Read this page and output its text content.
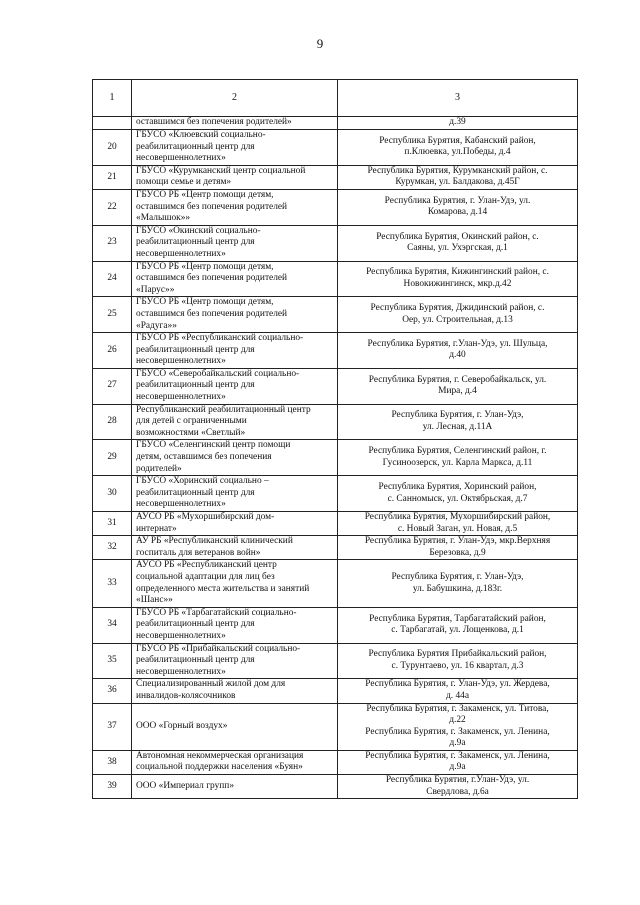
9
1	2	3

	оставшимся без попечения родителей»	д.39

20	ГБУСО «Клюевский социально-
реабилитационный центр для
несовершеннолетних»	Республика Бурятия, Кабанский район,
п.Клюевка, ул.Победы, д.4

21	ГБУСО «Курумканский центр социальной
помощи семье и детям»	Республика Бурятия, Курумканский район, с.
Курумкан, ул. Балдакова, д.45Г

22	ГБУСО РБ «Центр помощи детям,
оставшимся без попечения родителей
«Малышок»»	Республика Бурятия, г. Улан-Удэ, ул.
Комарова, д.14

23	ГБУСО «Окинский социально-
реабилитационный центр для
несовершеннолетних»	Республика Бурятия, Окинский район, с.
Саяны, ул. Ухэргская, д.1

24	ГБУСО РБ «Центр помощи детям,
оставшимся без попечения родителей
«Парус»»	Республика Бурятия, Кижингинский район, с.
Новокижингинск, мкр.д.42

25	ГБУСО РБ «Центр помощи детям,
оставшимся без попечения родителей
«Радуга»»	Республика Бурятия, Джидинский район, с.
Оер, ул. Строительная, д.13

26	ГБУСО РБ «Республиканский социально-
реабилитационный центр для
несовершеннолетних»	Республика Бурятия, г.Улан-Удэ, ул. Шульца,
д.40

27	ГБУСО «Северобайкальский социально-
реабилитационный центр для
несовершеннолетних»	Республика Бурятия, г. Северобайкальск, ул.
Мира, д.4

28	Республиканский реабилитационный центр
для детей с ограниченными
возможностями «Светлый»	Республика Бурятия, г. Улан-Удэ,
ул. Лесная, д.11А

29	ГБУСО «Селенгинский центр помощи
детям, оставшимся без попечения
родителей»	Республика Бурятия, Селенгинский район, г.
Гусиноозерск, ул. Карла Маркса, д.11

30	ГБУСО «Хоринский социально –
реабилитационный центр для
несовершеннолетних»	Республика Бурятия, Хоринский район,
с. Санномыск, ул. Октябрьская, д.7

31	АУСО РБ «Мухоршибирский дом-
интернат»	Республика Бурятия, Мухоршибирский район,
с. Новый Заган, ул. Новая, д.5

32	АУ РБ «Республиканский клинический
госпиталь для ветеранов войн»	Республика Бурятия, г. Улан-Удэ, мкр.Верхняя
Березовка, д.9

33	АУСО РБ «Республиканский центр
социальной адаптации для лиц без
определенного места жительства и занятий
«Шанс»»	Республика Бурятия, г. Улан-Удэ,
ул. Бабушкина, д.183г.

34	ГБУСО РБ «Тарбагатайский социально-
реабилитационный центр для
несовершеннолетних»	Республика Бурятия, Тарбагатайский район,
с. Тарбагатай, ул. Лощенкова, д.1

35	ГБУСО РБ «Прибайкальский социально-
реабилитационный центр для
несовершеннолетних»	Республика Бурятия Прибайкальский район,
с. Турунтаево, ул. 16 квартал, д.3

36	Специализированный жилой дом для
инвалидов-колясочников	Республика Бурятия, г. Улан-Удэ, ул. Жердева,
д. 44а

37	ООО «Горный воздух»	Республика Бурятия, г. Закаменск, ул. Титова,
д.22
Республика Бурятия, г. Закаменск, ул. Ленина,
д.9а

38	Автономная некоммерческая организация
социальной поддержки населения «Буян»	Республика Бурятия, г. Закаменск, ул. Ленина,
д.9а

39	ООО «Империал групп»	Республика Бурятия, г.Улан-Удэ, ул.
Свердлова, д.6а
